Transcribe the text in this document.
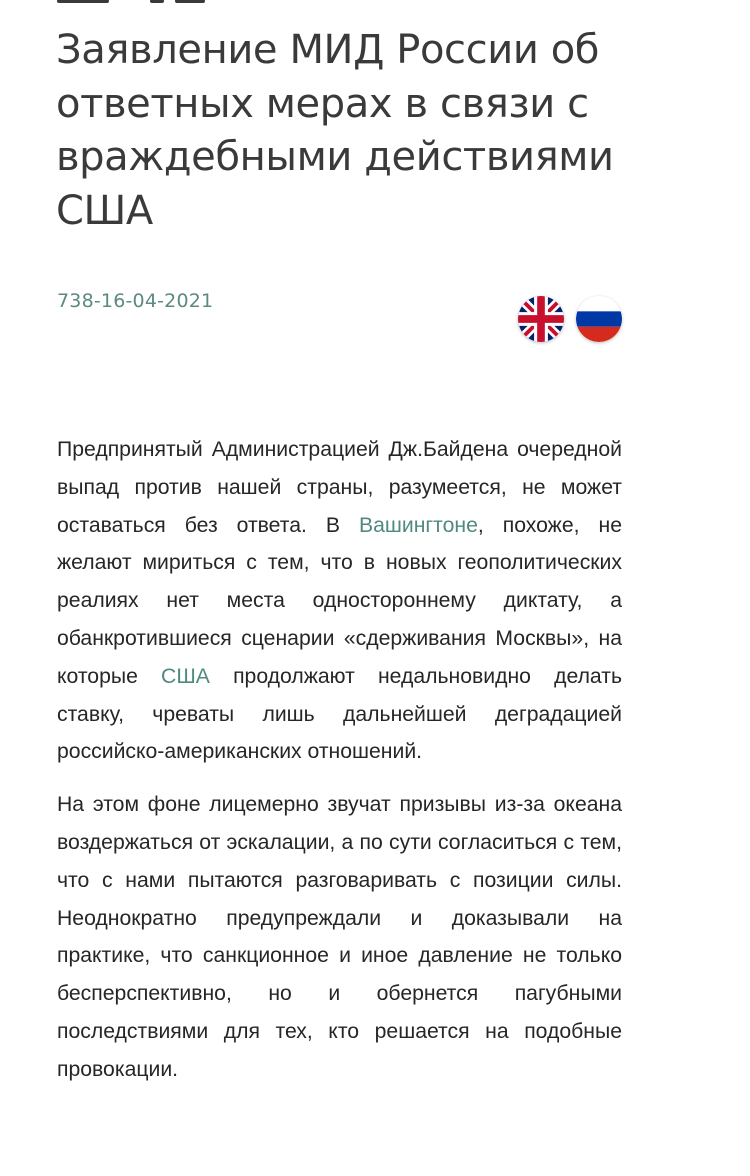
Заявление МИД России об ответных мерах в связи с враждебными действиями США
738-16-04-2021

Предпринятый Администрацией Дж.Байдена очередной выпад против нашей страны, разумеется, не может оставаться без ответа. В Вашингтоне, похоже, не желают мириться с тем, что в новых геополитических реалиях нет места одностороннему диктату, а обанкротившиеся сценарии «сдерживания Москвы», на которые США продолжают недальновидно делать ставку, чреваты лишь дальнейшей деградацией российско-американских отношений.

На этом фоне лицемерно звучат призывы из-за океана воздержаться от эскалации, а по сути согласиться с тем, что с нами пытаются разговаривать с позиции силы. Неоднократно предупреждали и доказывали на практике, что санкционное и иное давление не только бесперспективно, но и обернется пагубными последствиями для тех, кто решается на подобные провокации.
